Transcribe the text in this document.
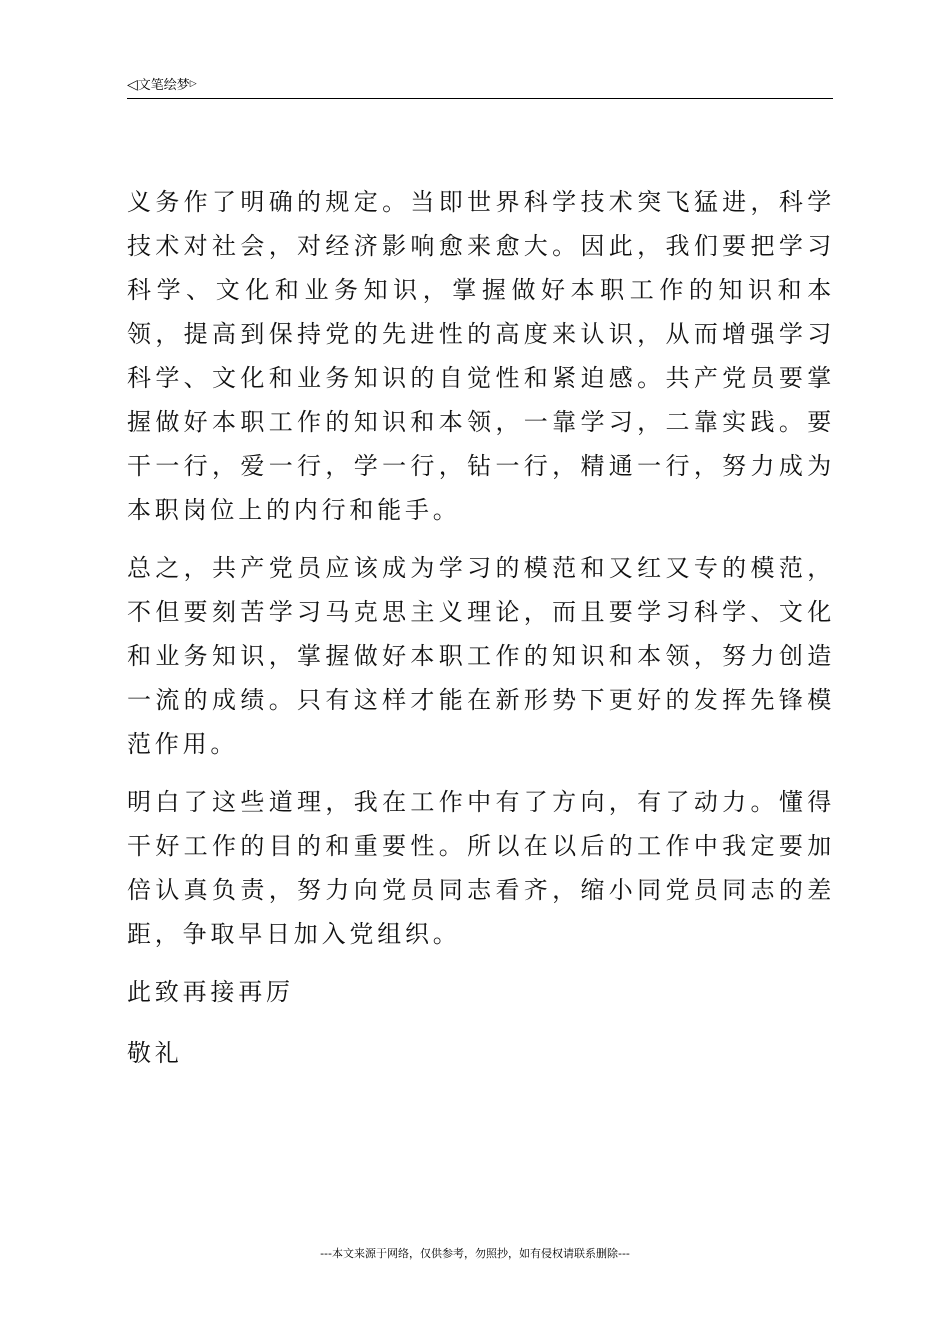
◁文笔绘梦▷

义务作了明确的规定。当即世界科学技术突飞猛进，科学技术对社会，对经济影响愈来愈大。因此，我们要把学习科学、文化和业务知识，掌握做好本职工作的知识和本领，提高到保持党的先进性的高度来认识，从而增强学习科学、文化和业务知识的自觉性和紧迫感。共产党员要掌握做好本职工作的知识和本领，一靠学习，二靠实践。要干一行，爱一行，学一行，钻一行，精通一行，努力成为本职岗位上的内行和能手。

总之，共产党员应该成为学习的模范和又红又专的模范，不但要刻苦学习马克思主义理论，而且要学习科学、文化和业务知识，掌握做好本职工作的知识和本领，努力创造一流的成绩。只有这样才能在新形势下更好的发挥先锋模范作用。

明白了这些道理，我在工作中有了方向，有了动力。懂得干好工作的目的和重要性。所以在以后的工作中我定要加倍认真负责，努力向党员同志看齐，缩小同党员同志的差距，争取早日加入党组织。

此致再接再厉

敬礼

---本文来源于网络，仅供参考，勿照抄，如有侵权请联系删除---
